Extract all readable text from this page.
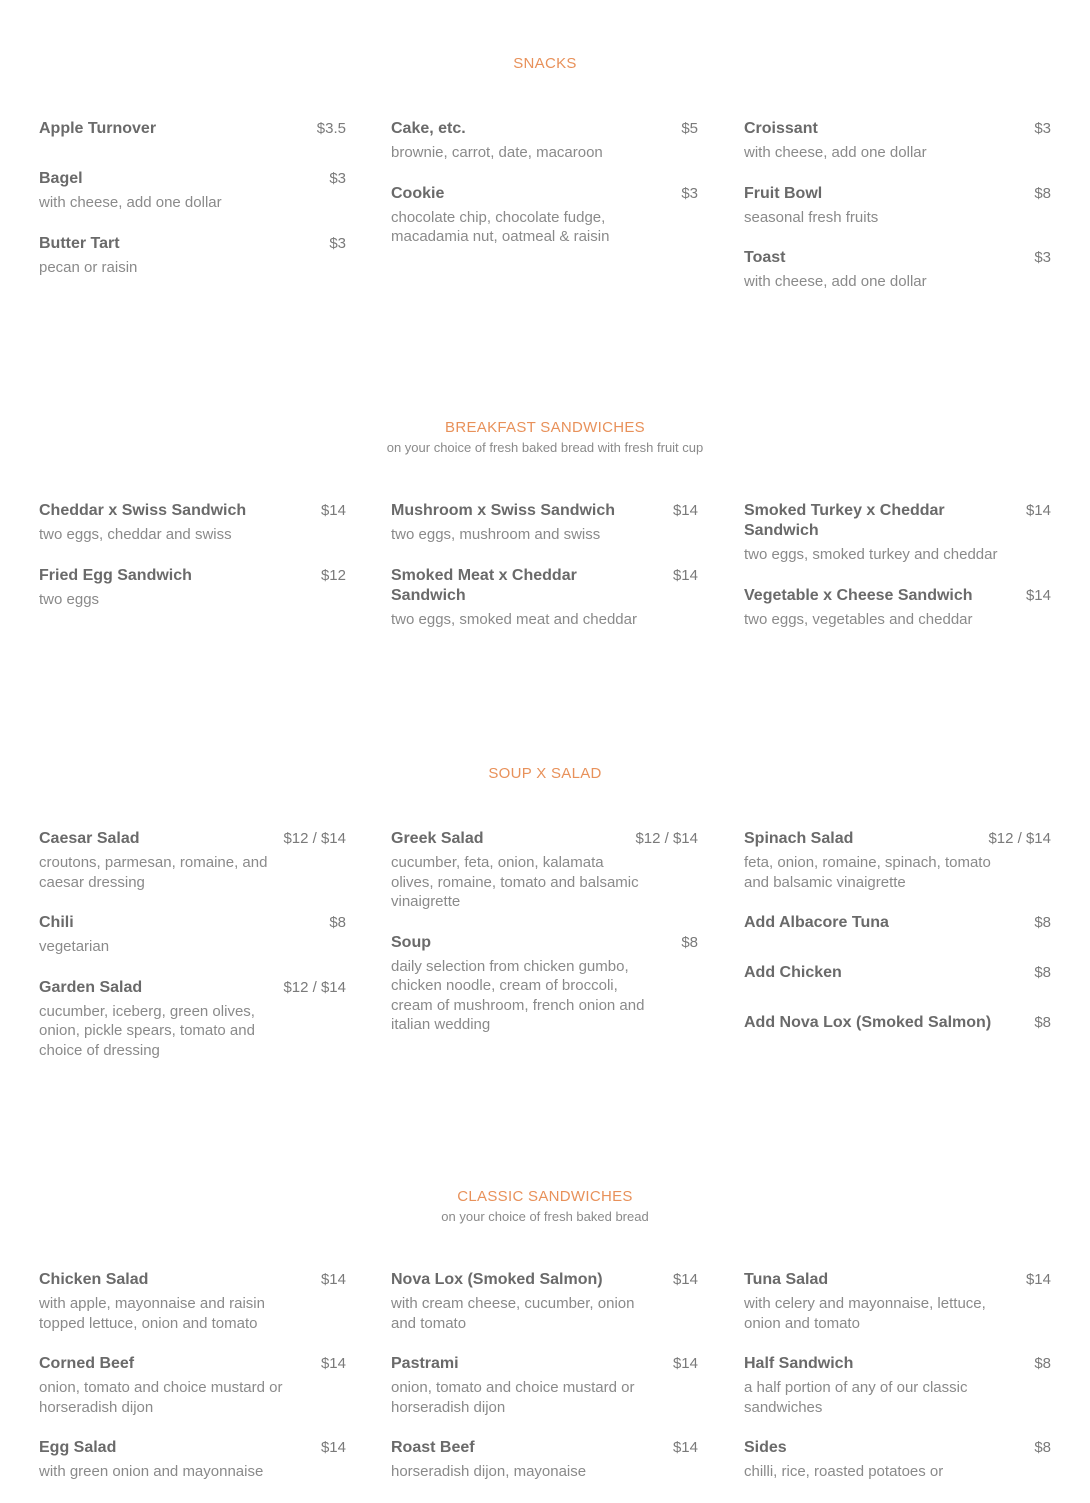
SNACKS
Apple Turnover	$3.5
Bagel	$3
with cheese, add one dollar
Butter Tart	$3
pecan or raisin
Cake, etc.	$5
brownie, carrot, date, macaroon
Cookie	$3
chocolate chip, chocolate fudge, macadamia nut, oatmeal & raisin
Croissant	$3
with cheese, add one dollar
Fruit Bowl	$8
seasonal fresh fruits
Toast	$3
with cheese, add one dollar
BREAKFAST SANDWICHES
on your choice of fresh baked bread with fresh fruit cup
Cheddar x Swiss Sandwich	$14
two eggs, cheddar and swiss
Fried Egg Sandwich	$12
two eggs
Mushroom x Swiss Sandwich	$14
two eggs, mushroom and swiss
Smoked Meat x Cheddar Sandwich
$14
two eggs, smoked meat and cheddar
Smoked Turkey x Cheddar Sandwich
$14
two eggs, smoked turkey and cheddar
Vegetable x Cheese Sandwich	$14
two eggs, vegetables and cheddar
SOUP X SALAD
Caesar Salad	$12 / $14
croutons, parmesan, romaine, and caesar dressing
Chili	$8
vegetarian
Garden Salad	$12 / $14
cucumber, iceberg, green olives, onion, pickle spears, tomato and choice of dressing
Greek Salad	$12 / $14
cucumber, feta, onion, kalamata olives, romaine, tomato and balsamic vinaigrette
Soup	$8
daily selection from chicken gumbo, chicken noodle, cream of broccoli, cream of mushroom, french onion and italian wedding
Spinach Salad	$12 / $14
feta, onion, romaine, spinach, tomato and balsamic vinaigrette
Add Albacore Tuna	$8
Add Chicken	$8
Add Nova Lox (Smoked Salmon)	$8
CLASSIC SANDWICHES
on your choice of fresh baked bread
Chicken Salad	$14
with apple, mayonnaise and raisin topped lettuce, onion and tomato
Corned Beef	$14
onion, tomato and choice mustard or horseradish dijon
Egg Salad	$14
with green onion and mayonnaise
Nova Lox (Smoked Salmon)	$14
with cream cheese, cucumber, onion and tomato
Pastrami	$14
onion, tomato and choice mustard or horseradish dijon
Roast Beef	$14
horseradish dijon, mayonaise
Tuna Salad	$14
with celery and mayonnaise, lettuce, onion and tomato
Half Sandwich	$8
a half portion of any of our classic sandwiches
Sides	$8
chilli, rice, roasted potatoes or
